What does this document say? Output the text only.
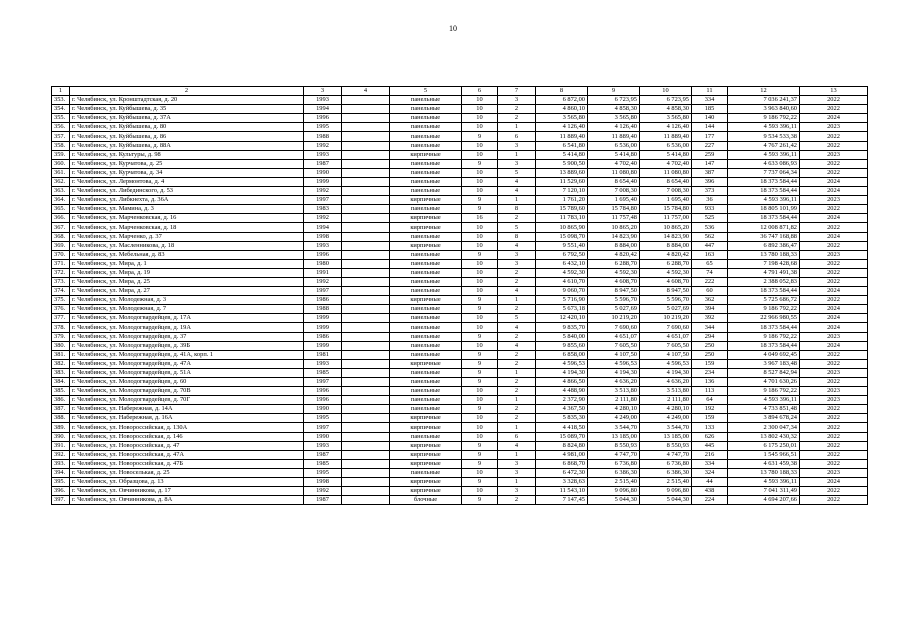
10
1	2	3	4	5	6	7	8	9	10	11	12	13
353.	г. Челябинск, ул. Кронштадтская, д. 20	1993		панельные	10	3	6 872,00	6 723,95	6 723,95	334	7 036 241,37	2022
354.	г. Челябинск, ул. Куйбышева, д. 35	1994		панельные	10	2	4 860,10	4 858,30	4 858,30	185	3 963 840,60	2022
355.	г. Челябинск, ул. Куйбышева, д. 37А	1996		панельные	10	2	3 565,80	3 565,80	3 565,80	140	9 186 792,22	2024
356.	г. Челябинск, ул. Куйбышева, д. 80	1995		панельные	10	1	4 126,40	4 126,40	4 126,40	144	4 593 396,11	2023
357.	г. Челябинск, ул. Куйбышева, д. 86	1988		панельные	9	6	11 889,40	11 889,40	11 889,40	177	9 534 533,38	2022
358.	г. Челябинск, ул. Куйбышева, д. 88А	1992		панельные	10	3	6 541,80	6 536,00	6 536,00	227	4 767 261,42	2022
359.	г. Челябинск, ул. Культуры, д. 98	1993		кирпичные	10	1	5 414,80	5 414,80	5 414,80	259	4 593 396,11	2023
360.	г. Челябинск, ул. Курчатова, д. 25	1987		панельные	9	3	5 900,50	4 702,40	4 702,40	147	4 633 086,93	2022
361.	г. Челябинск, ул. Курчатова, д. 34	1990		панельные	10	5	13 889,60	11 080,80	11 080,80	387	7 737 064,34	2022
362.	г. Челябинск, ул. Лермонтова, д. 4	1999		панельные	10	4	11 529,60	8 654,40	8 654,40	396	18 373 584,44	2024
363.	г. Челябинск, ул. Либединского, д. 53	1992		панельные	10	4	7 120,10	7 008,30	7 008,30	373	18 373 584,44	2024
364.	г. Челябинск, ул. Либкнехта, д. 36А	1997		кирпичные	9	1	1 761,20	1 695,40	1 695,40	36	4 593 396,11	2023
365.	г. Челябинск, ул. Мамина, д. 3	1983		панельные	9	8	15 789,60	15 784,80	15 784,80	933	18 805 101,99	2022
366.	г. Челябинск, ул. Марченковская, д. 16	1992		кирпичные	16	2	11 783,10	11 757,48	11 757,00	525	18 373 584,44	2024
367.	г. Челябинск, ул. Марченковская, д. 18	1994		кирпичные	10	5	10 865,90	10 865,20	10 865,20	536	12 008 871,82	2022
368.	г. Челябинск, ул. Марченко, д. 37	1998		панельные	10	8	15 098,70	14 823,90	14 823,90	562	36 747 168,88	2024
369.	г. Челябинск, ул. Масленникова, д. 18	1993		кирпичные	10	4	9 551,40	8 884,00	8 884,00	447	6 892 386,47	2022
370.	г. Челябинск, ул. Мебельная, д. 83	1996		панельные	9	3	6 792,50	4 820,42	4 820,42	163	13 780 188,33	2023
371.	г. Челябинск, ул. Мира, д. 1	1980		панельные	10	3	6 432,10	6 288,70	6 288,70	65	7 198 428,68	2022
372.	г. Челябинск, ул. Мира, д. 19	1991		панельные	10	2	4 592,30	4 592,30	4 592,30	74	4 791 491,38	2022
373.	г. Челябинск, ул. Мира, д. 25	1992		панельные	10	2	4 610,70	4 608,70	4 608,70	222	2 388 052,83	2022
374.	г. Челябинск, ул. Мира, д. 27	1997		панельные	10	4	9 060,70	8 947,50	8 947,50	60	18 373 584,44	2024
375.	г. Челябинск, ул. Молодежная, д. 3	1986		кирпичные	9	1	5 716,90	5 596,70	5 596,70	362	5 725 686,72	2022
376.	г. Челябинск, ул. Молодежная, д. 7	1988		панельные	9	2	5 673,18	5 027,69	5 027,69	394	9 186 792,22	2024
377.	г. Челябинск, ул. Молодогвардейцев, д. 17А	1999		панельные	10	5	12 420,10	10 219,20	10 219,20	392	22 966 980,55	2024
378.	г. Челябинск, ул. Молодогвардейцев, д. 19А	1999		панельные	10	4	9 835,70	7 690,60	7 690,60	344	18 373 584,44	2024
379.	г. Челябинск, ул. Молодогвардейцев, д. 37	1986		панельные	9	2	5 840,00	4 651,07	4 651,07	294	9 186 792,22	2023
380.	г. Челябинск, ул. Молодогвардейцев, д. 39Б	1999		панельные	10	4	9 855,60	7 605,50	7 605,50	250	18 373 584,44	2024
381.	г. Челябинск, ул. Молодогвардейцев, д. 41А, корп. 1	1981		панельные	9	2	6 858,00	4 107,50	4 107,50	250	4 049 692,45	2022
382.	г. Челябинск, ул. Молодогвардейцев, д. 47А	1993		кирпичные	9	2	4 596,53	4 596,53	4 596,53	159	3 967 183,48	2022
383.	г. Челябинск, ул. Молодогвардейцев, д. 51А	1985		панельные	9	1	4 194,30	4 194,30	4 194,30	234	8 527 842,94	2023
384.	г. Челябинск, ул. Молодогвардейцев, д. 60	1997		панельные	9	2	4 866,50	4 636,20	4 636,20	136	4 701 630,26	2022
385.	г. Челябинск, ул. Молодогвардейцев, д. 70В	1996		панельные	10	2	4 488,90	3 513,80	3 513,80	113	9 186 792,22	2023
386.	г. Челябинск, ул. Молодогвардейцев, д. 70Г	1996		панельные	10	1	2 372,90	2 111,80	2 111,80	64	4 593 396,11	2023
387.	г. Челябинск, ул. Набережная, д. 14А	1990		панельные	9	2	4 367,50	4 280,10	4 280,10	192	4 733 851,48	2022
388.	г. Челябинск, ул. Набережная, д. 16А	1995		кирпичные	10	2	5 835,30	4 249,00	4 249,00	159	3 894 678,24	2022
389.	г. Челябинск, ул. Новороссийская, д. 130А	1997		кирпичные	10	1	4 418,50	3 544,70	3 544,70	133	2 300 047,34	2022
390.	г. Челябинск, ул. Новороссийская, д. 146	1990		панельные	10	6	15 089,70	13 185,00	13 185,00	626	13 802 430,32	2022
391.	г. Челябинск, ул. Новороссийская, д. 47	1993		кирпичные	9	4	8 824,80	8 550,93	8 550,93	445	6 175 250,01	2022
392.	г. Челябинск, ул. Новороссийская, д. 47А	1987		кирпичные	9	1	4 981,00	4 747,70	4 747,70	216	1 545 966,51	2022
393.	г. Челябинск, ул. Новороссийская, д. 47Б	1985		кирпичные	9	3	6 868,70	6 736,80	6 736,80	334	4 631 459,38	2022
394.	г. Челябинск, ул. Новоселькая, д. 25	1995		панельные	10	3	6 472,30	6 386,30	6 386,30	324	13 780 188,33	2023
395.	г. Челябинск, ул. Образцова, д. 13	1998		кирпичные	9	1	3 328,63	2 515,40	2 515,40	44	4 593 396,11	2024
396.	г. Челябинск, ул. Овчинникова, д. 17	1992		кирпичные	10	3	11 543,10	9 096,80	9 096,80	438	7 041 311,49	2022
397.	г. Челябинск, ул. Овчинникова, д. 8А	1987		блочные	9	2	7 147,45	5 044,30	5 044,30	224	4 694 207,66	2022
